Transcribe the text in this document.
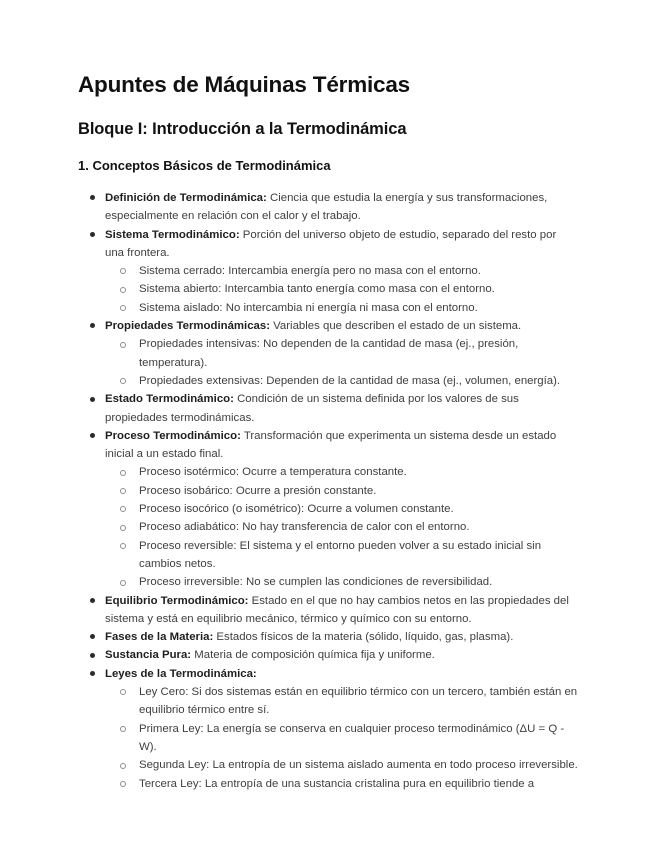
Apuntes de Máquinas Térmicas
Bloque I: Introducción a la Termodinámica
1. Conceptos Básicos de Termodinámica
Definición de Termodinámica: Ciencia que estudia la energía y sus transformaciones, especialmente en relación con el calor y el trabajo.
Sistema Termodinámico: Porción del universo objeto de estudio, separado del resto por una frontera.
Sistema cerrado: Intercambia energía pero no masa con el entorno.
Sistema abierto: Intercambia tanto energía como masa con el entorno.
Sistema aislado: No intercambia ni energía ni masa con el entorno.
Propiedades Termodinámicas: Variables que describen el estado de un sistema.
Propiedades intensivas: No dependen de la cantidad de masa (ej., presión, temperatura).
Propiedades extensivas: Dependen de la cantidad de masa (ej., volumen, energía).
Estado Termodinámico: Condición de un sistema definida por los valores de sus propiedades termodinámicas.
Proceso Termodinámico: Transformación que experimenta un sistema desde un estado inicial a un estado final.
Proceso isotérmico: Ocurre a temperatura constante.
Proceso isobárico: Ocurre a presión constante.
Proceso isocórico (o isométrico): Ocurre a volumen constante.
Proceso adiabático: No hay transferencia de calor con el entorno.
Proceso reversible: El sistema y el entorno pueden volver a su estado inicial sin cambios netos.
Proceso irreversible: No se cumplen las condiciones de reversibilidad.
Equilibrio Termodinámico: Estado en el que no hay cambios netos en las propiedades del sistema y está en equilibrio mecánico, térmico y químico con su entorno.
Fases de la Materia: Estados físicos de la materia (sólido, líquido, gas, plasma).
Sustancia Pura: Materia de composición química fija y uniforme.
Leyes de la Termodinámica:
Ley Cero: Si dos sistemas están en equilibrio térmico con un tercero, también están en equilibrio térmico entre sí.
Primera Ley: La energía se conserva en cualquier proceso termodinámico (ΔU = Q - W).
Segunda Ley: La entropía de un sistema aislado aumenta en todo proceso irreversible.
Tercera Ley: La entropía de una sustancia cristalina pura en equilibrio tiende a
